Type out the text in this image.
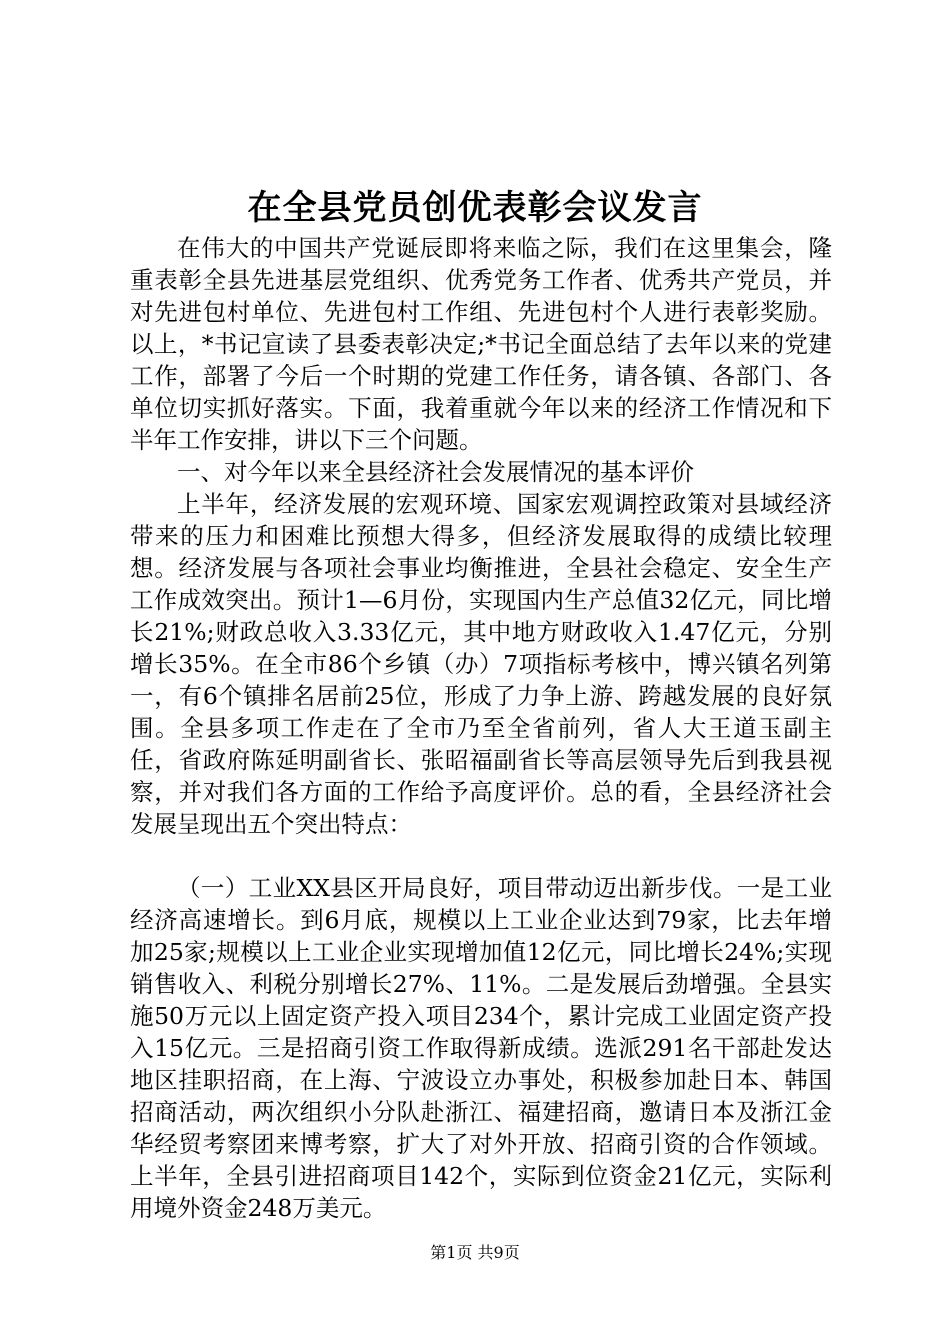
在全县党员创优表彰会议发言

在伟大的中国共产党诞辰即将来临之际，我们在这里集会，隆重表彰全县先进基层党组织、优秀党务工作者、优秀共产党员，并对先进包村单位、先进包村工作组、先进包村个人进行表彰奖励。以上，*书记宣读了县委表彰决定;*书记全面总结了去年以来的党建工作，部署了今后一个时期的党建工作任务，请各镇、各部门、各单位切实抓好落实。下面，我着重就今年以来的经济工作情况和下半年工作安排，讲以下三个问题。

一、对今年以来全县经济社会发展情况的基本评价

上半年，经济发展的宏观环境、国家宏观调控政策对县域经济带来的压力和困难比预想大得多，但经济发展取得的成绩比较理想。经济发展与各项社会事业均衡推进，全县社会稳定、安全生产工作成效突出。预计1—6月份，实现国内生产总值32亿元，同比增长21%;财政总收入3.33亿元，其中地方财政收入1.47亿元，分别增长35%。在全市86个乡镇（办）7项指标考核中，博兴镇名列第一，有6个镇排名居前25位，形成了力争上游、跨越发展的良好氛围。全县多项工作走在了全市乃至全省前列，省人大王道玉副主任，省政府陈延明副省长、张昭福副省长等高层领导先后到我县视察，并对我们各方面的工作给予高度评价。总的看，全县经济社会发展呈现出五个突出特点：

（一）工业XX县区开局良好，项目带动迈出新步伐。一是工业经济高速增长。到6月底，规模以上工业企业达到79家，比去年增加25家;规模以上工业企业实现增加值12亿元，同比增长24%;实现销售收入、利税分别增长27%、11%。二是发展后劲增强。全县实施50万元以上固定资产投入项目234个，累计完成工业固定资产投入15亿元。三是招商引资工作取得新成绩。选派291名干部赴发达地区挂职招商，在上海、宁波设立办事处，积极参加赴日本、韩国招商活动，两次组织小分队赴浙江、福建招商，邀请日本及浙江金华经贸考察团来博考察，扩大了对外开放、招商引资的合作领域。上半年，全县引进招商项目142个，实际到位资金21亿元，实际利用境外资金248万美元。

第1页 共9页
